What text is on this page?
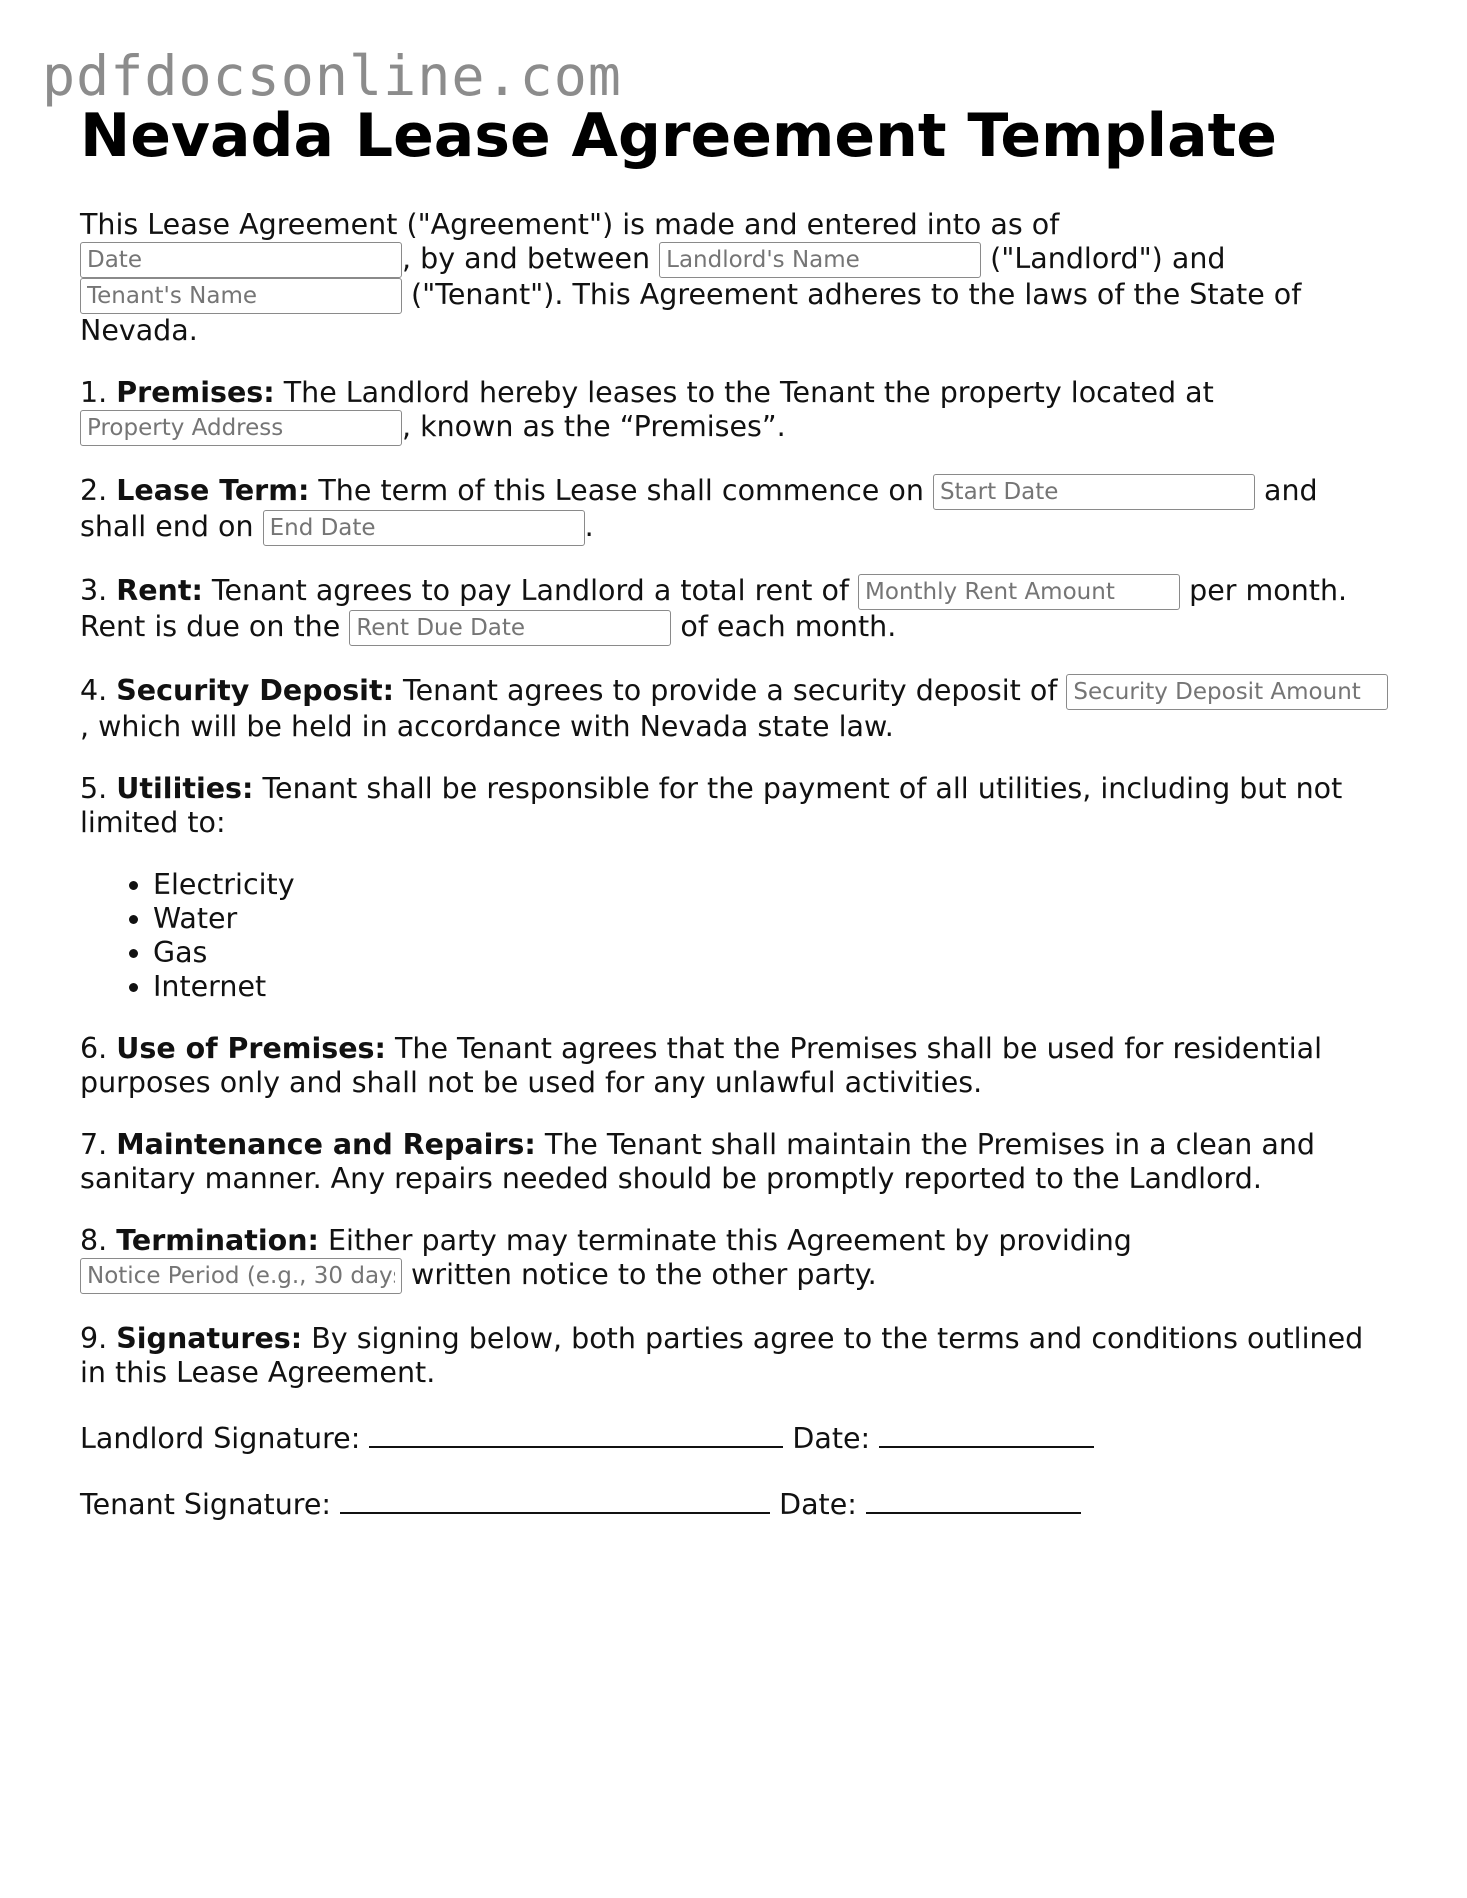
pdfdocsonline.com
Nevada Lease Agreement Template

This Lease Agreement ("Agreement") is made and entered into as of Date, by and between Landlord's Name	("Landlord") and Tenant's Name ("Tenant"). This Agreement adheres to the laws of the State of Nevada.

1. Premises: The Landlord hereby leases to the Tenant the property located at Property Address, known as the “Premises”.

2. Lease Term: The term of this Lease shall commence on Start Date	and shall end on End Date	.

3. Rent: Tenant agrees to pay Landlord a total rent of Monthly Rent Amount	per month. Rent is due on the Rent Due Date	of each month.

4. Security Deposit: Tenant agrees to provide a security deposit of Security Deposit Amount, which will be held in accordance with Nevada state law.

5. Utilities: Tenant shall be responsible for the payment of all utilities, including but not limited to:

• Electricity
• Water
• Gas
• Internet

6. Use of Premises: The Tenant agrees that the Premises shall be used for residential purposes only and shall not be used for any unlawful activities.

7. Maintenance and Repairs: The Tenant shall maintain the Premises in a clean and sanitary manner. Any repairs needed should be promptly reported to the Landlord.

8. Termination: Either party may terminate this Agreement by providing Notice Period (e.g., 30 days) written notice to the other party.

9. Signatures: By signing below, both parties agree to the terms and conditions outlined in this Lease Agreement.

Landlord Signature:	Date:
Tenant Signature:	Date:
